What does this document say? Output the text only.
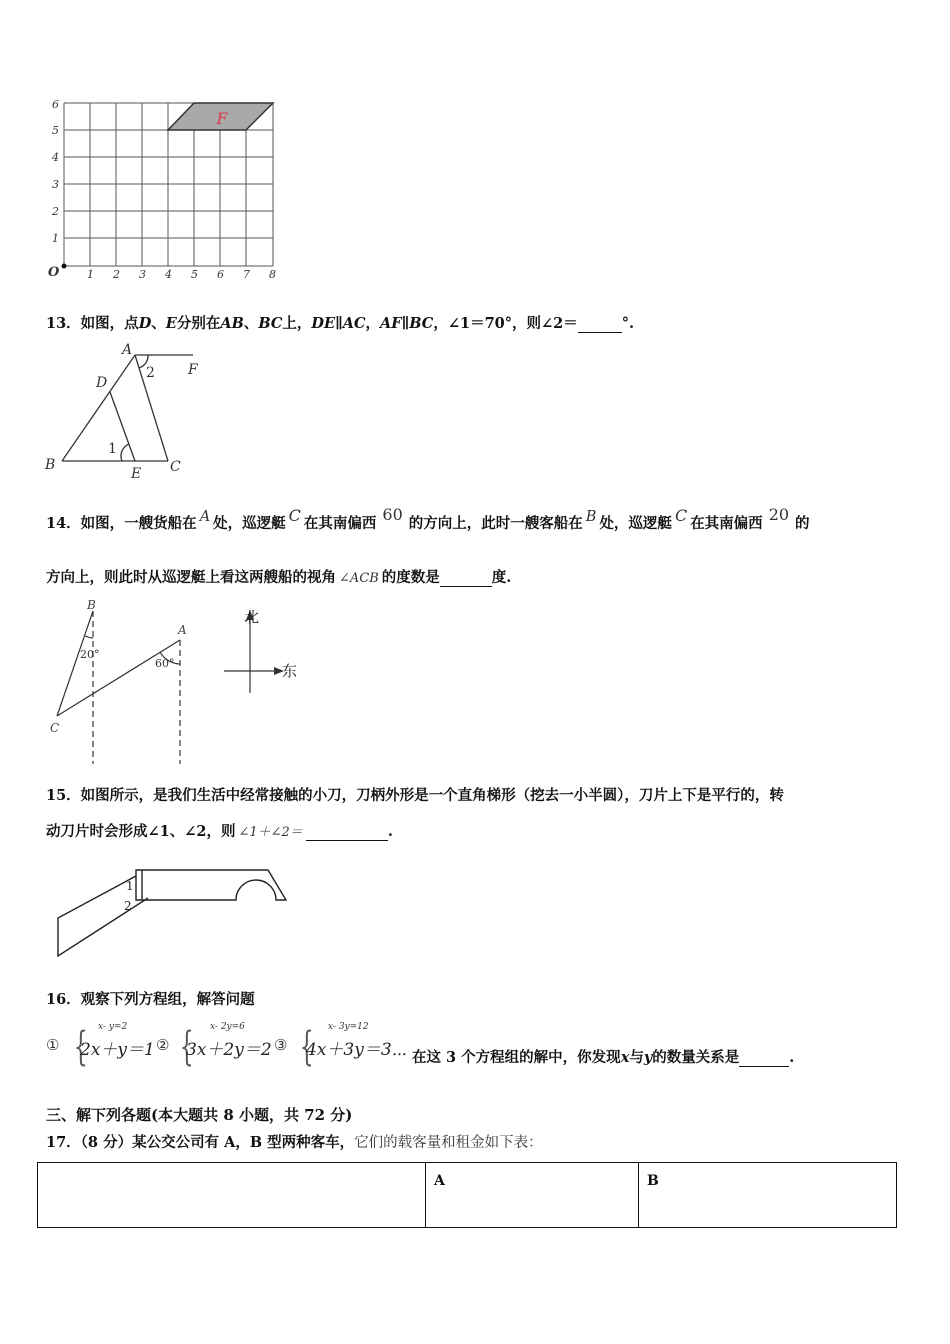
F
6
5
4
3
2
1
O	1 2 3 4 5 6 7 8
13．如图，点D、E分别在AB、BC上，DE∥AC，AF∥BC，∠1＝70°，则∠2＝	°.
A
F
D
B
E C
1
2
14．如图，一艘货船在 A 处，巡逻艇 C 在其南偏西 60 的方向上，此时一艘客船在 B 处，巡逻艇 C 在其南偏西 20 的
方向上，则此时从巡逻艇上看这两艘船的视角 ∠ACB 的度数是	度.
B
A
C
20°
60°
北
东
15．如图所示，是我们生活中经常接触的小刀，刀柄外形是一个直角梯形（挖去一小半圆），刀片上下是平行的，转
动刀片时会形成∠1、∠2，则 ∠1＋∠2＝	.
1
2
16．观察下列方程组，解答问题
① { x- y=2
2x＋y＝1 ② { x- 2y=6
3x＋2y＝2 ③ { x- 3y=12
4x＋3y＝3⋯ 在这 3 个方程组的解中，你发现x与y的数量关系是	.
三、解下列各题(本大题共 8 小题，共 72 分)
17．（8 分）某公交公司有 A，B 型两种客车，它们的载客量和租金如下表：
	A	B
